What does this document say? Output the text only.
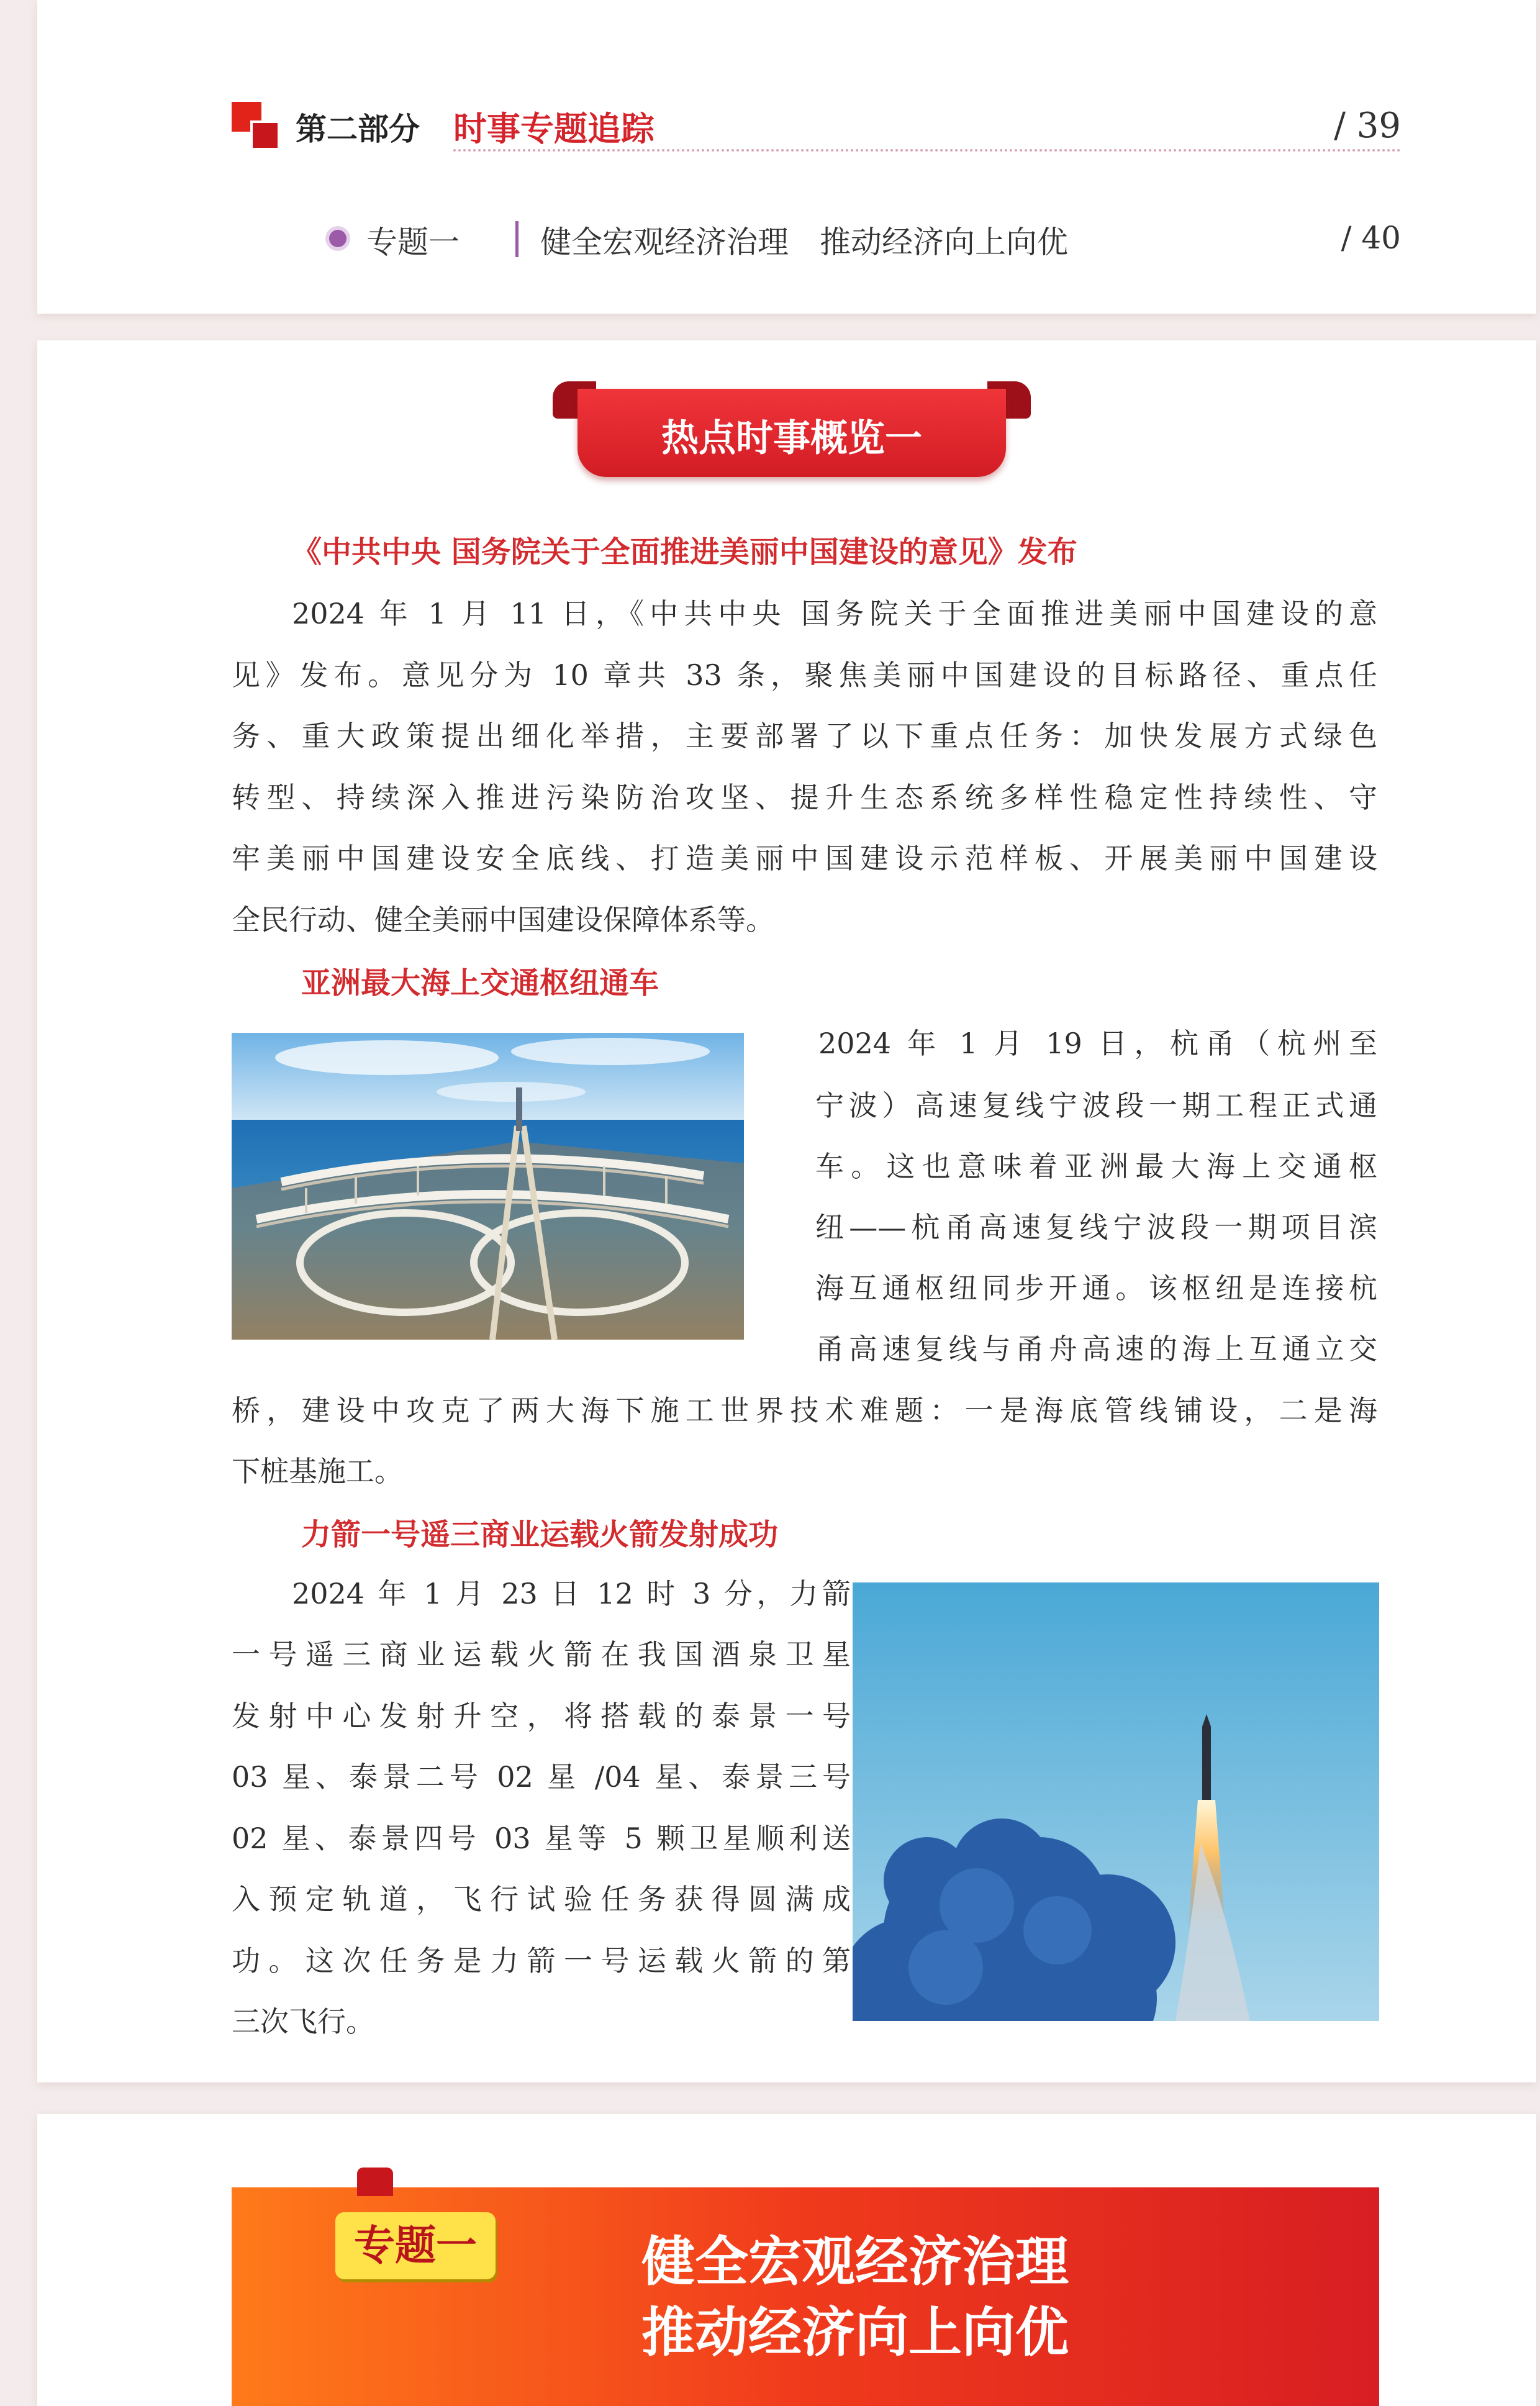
第二部分 时事专题追踪	/ 39
专题一	健全宏观经济治理　推动经济向上向优	/ 40
热点时事概览一
《中共中央 国务院关于全面推进美丽中国建设的意见》发布
2024 年 1 月 11 日，《中共中央 国务院关于全面推进美丽中国建设的意
见》发布。意见分为 10 章共 33 条，聚焦美丽中国建设的目标路径、重点任
务、重大政策提出细化举措，主要部署了以下重点任务：加快发展方式绿色
转型、持续深入推进污染防治攻坚、提升生态系统多样性稳定性持续性、守
牢美丽中国建设安全底线、打造美丽中国建设示范样板、开展美丽中国建设
全民行动、健全美丽中国建设保障体系等。
亚洲最大海上交通枢纽通车
2024 年 1 月 19 日，杭甬（杭州至
宁波）高速复线宁波段一期工程正式通
车。这也意味着亚洲最大海上交通枢
纽——杭甬高速复线宁波段一期项目滨
海互通枢纽同步开通。该枢纽是连接杭
甬高速复线与甬舟高速的海上互通立交
桥，建设中攻克了两大海下施工世界技术难题：一是海底管线铺设，二是海
下桩基施工。
力箭一号遥三商业运载火箭发射成功
2024 年 1 月 23 日 12 时 3 分，力箭
一号遥三商业运载火箭在我国酒泉卫星
发射中心发射升空，将搭载的泰景一号
03 星、泰景二号 02 星 /04 星、泰景三号
02 星、泰景四号 03 星等 5 颗卫星顺利送
入预定轨道，飞行试验任务获得圆满成
功。这次任务是力箭一号运载火箭的第
三次飞行。
专题一	健全宏观经济治理
推动经济向上向优
